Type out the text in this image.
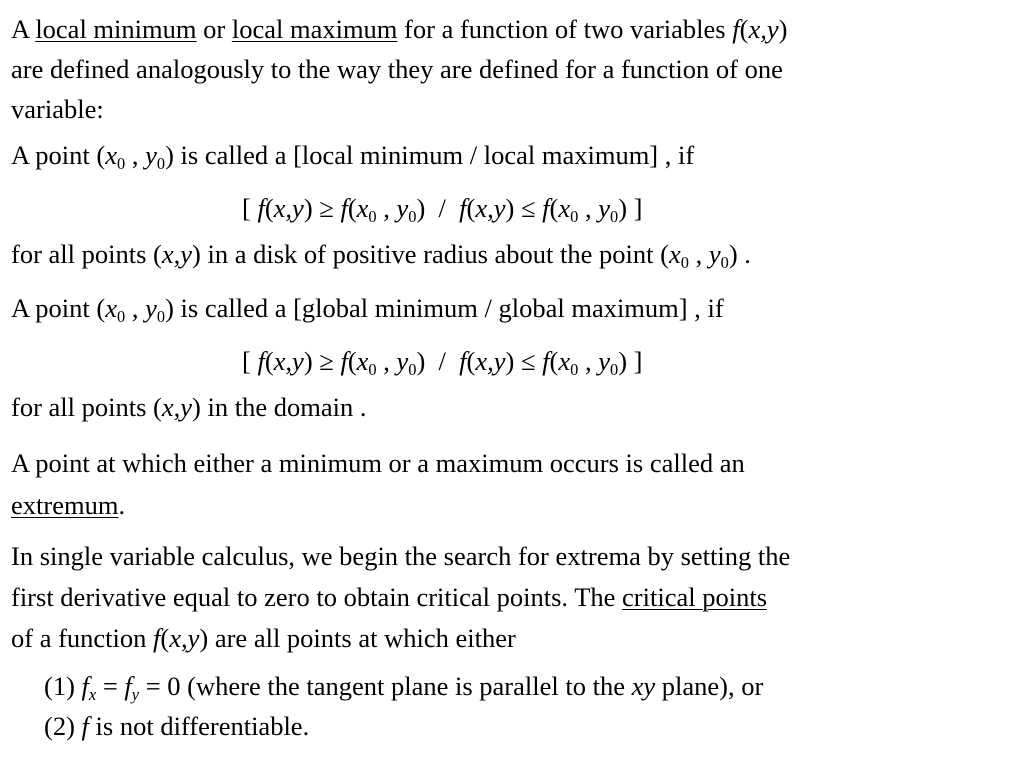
A local minimum or local maximum for a function of two variables f(x,y)
are defined analogously to the way they are defined for a function of one
variable:
A point ($x_0$ , $y_0$) is called a [local minimum / local maximum] , if
[ $f(x,y) \ge f(x_0$ , $y_0) / f(x,y) \le f(x_0$ , $y_0$) ]
for all points (x,y) in a disk of positive radius about the point ($x_0$ , $y_0$) .
A point ($x_0$ , $y_0$) is called a [global minimum / global maximum] , if
[ $f(x,y) \ge f(x_0$ , $y_0) / f(x,y) \le f(x_0$ , $y_0$) ]
for all points (x,y) in the domain .
A point at which either a minimum or a maximum occurs is called an
extremum.
In single variable calculus, we begin the search for extrema by setting the
first derivative equal to zero to obtain critical points. The critical points
of a function f(x,y) are all points at which either
(1) $f_x = f_y = 0$ (where the tangent plane is parallel to the xy plane), or
(2) f is not differentiable.
